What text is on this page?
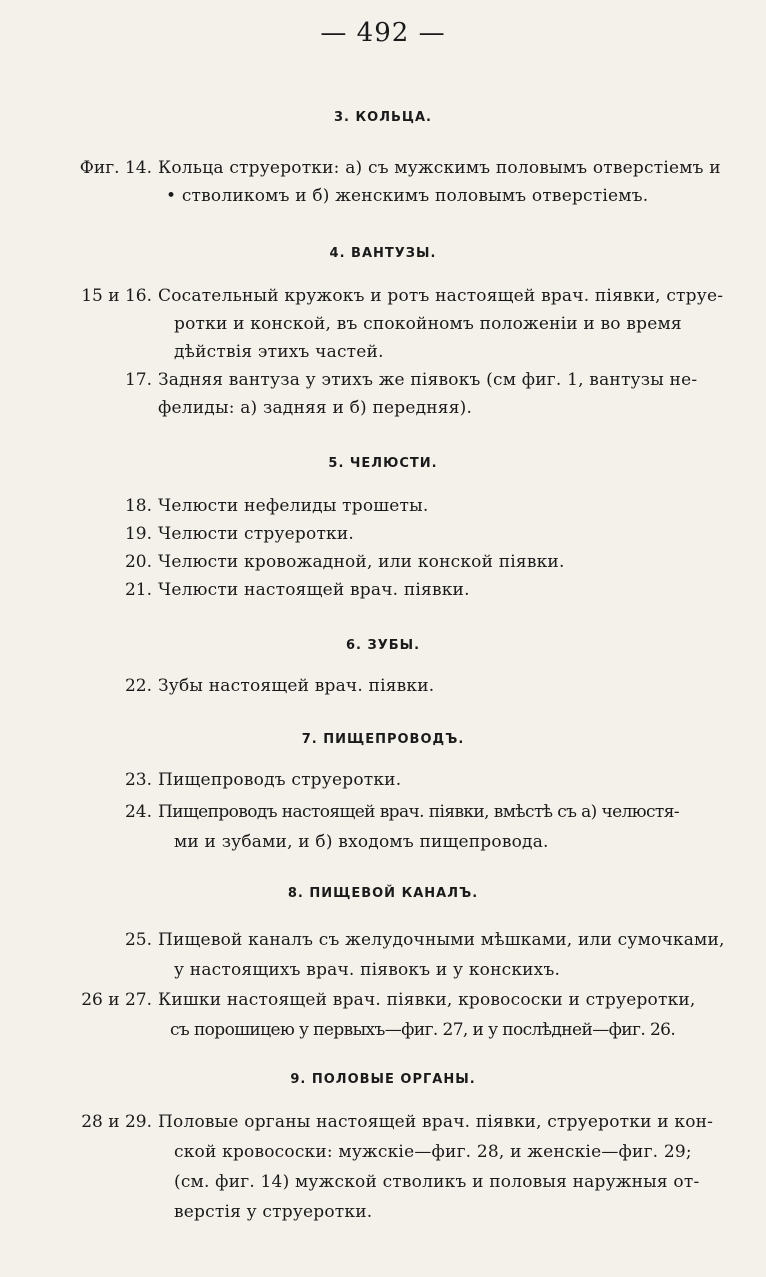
— 492 —
3. КОЛЬЦА.
Фиг. 14. Кольца струеротки: а) съ мужскимъ половымъ отверстiемъ и
• стволикомъ и б) женскимъ половымъ отверстiемъ.
4. ВАНТУЗЫ.
15 и 16. Сосательный кружокъ и ротъ настоящей врач. пiявки, струе-
ротки и конской, въ спокойномъ положенiи и во время
дѣйствiя этихъ частей.
17. Задняя вантуза у этихъ же пiявокъ (см фиг. 1, вантузы не-
фелиды: а) задняя и б) передняя).
5. ЧЕЛЮСТИ.
18. Челюсти нефелиды трошеты.
19. Челюсти струеротки.
20. Челюсти кровожадной, или конской пiявки.
21. Челюсти настоящей врач. пiявки.
6. ЗУБЫ.
22. Зубы настоящей врач. пiявки.
7. ПИЩЕПРОВОДЪ.
23. Пищепроводъ струеротки.
24. Пищепроводъ настоящей врач. пiявки, вмѣстѣ съ а) челюстя-
ми и зубами, и б) входомъ пищепровода.
8. ПИЩЕВОЙ КАНАЛЪ.
25. Пищевой каналъ съ желудочными мѣшками, или сумочками,
у настоящихъ врач. пiявокъ и у конскихъ.
26 и 27. Кишки настоящей врач. пiявки, кровососки и струеротки,
съ порошицею у первыхъ—фиг. 27, и у послѣдней—фиг. 26.
9. ПОЛОВЫЕ ОРГАНЫ.
28 и 29. Половые органы настоящей врач. пiявки, струеротки и кон-
ской кровососки: мужскiе—фиг. 28, и женскiе—фиг. 29;
(см. фиг. 14) мужской стволикъ и половыя наружныя от-
верстiя у струеротки.
